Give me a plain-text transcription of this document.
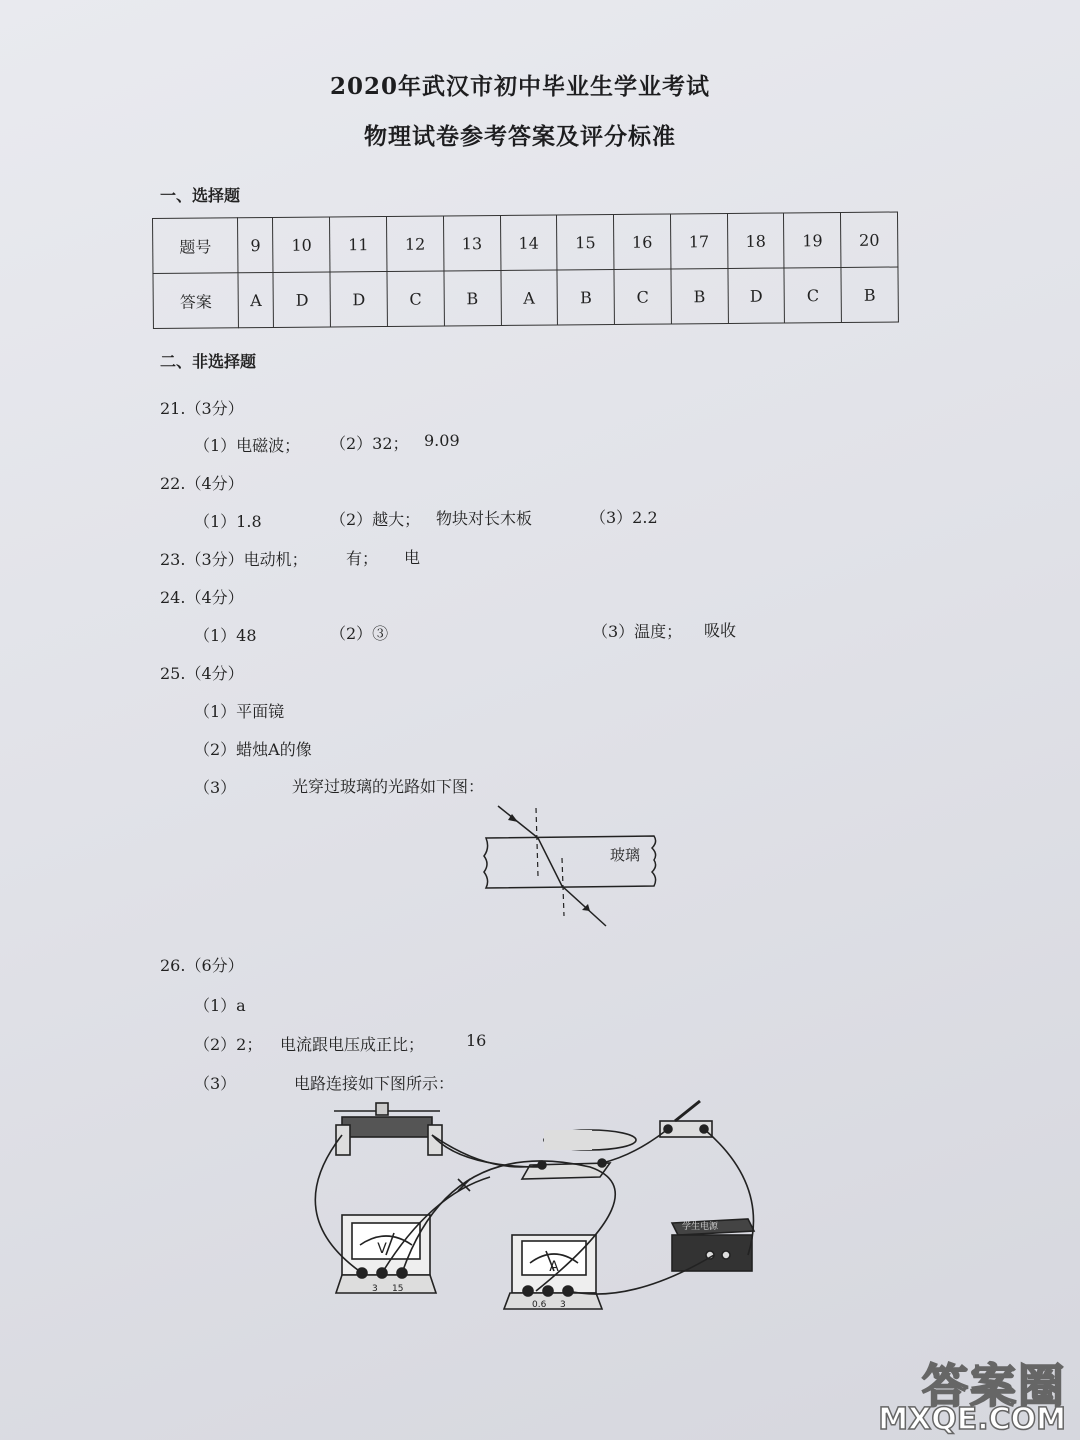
2020年武汉市初中毕业生学业考试
物理试卷参考答案及评分标准
一、选择题
题号	9	10	11	12	13	14	15	16	17	18	19	20
答案	A	D	D	C	B	A	B	C	B	D	C	B
二、非选择题
21.（3分）
（1）电磁波； （2）32； 9.09
22.（4分）
（1）1.8	（2）越大； 物块对长木板	（3）2.2
23.（3分）电动机； 有； 电
24.（4分）
（1）48	（2）③	（3）温度； 吸收
25.（4分）
（1）平面镜
（2）蜡烛A的像
（3）	光穿过玻璃的光路如下图：
玻璃
26.（6分）
（1）a
（2）2； 电流跟电压成正比；	16
（3）	电路连接如下图所示：
V
A
3 15
0.6 3
学生电源
答案圈
MXQE.COM
